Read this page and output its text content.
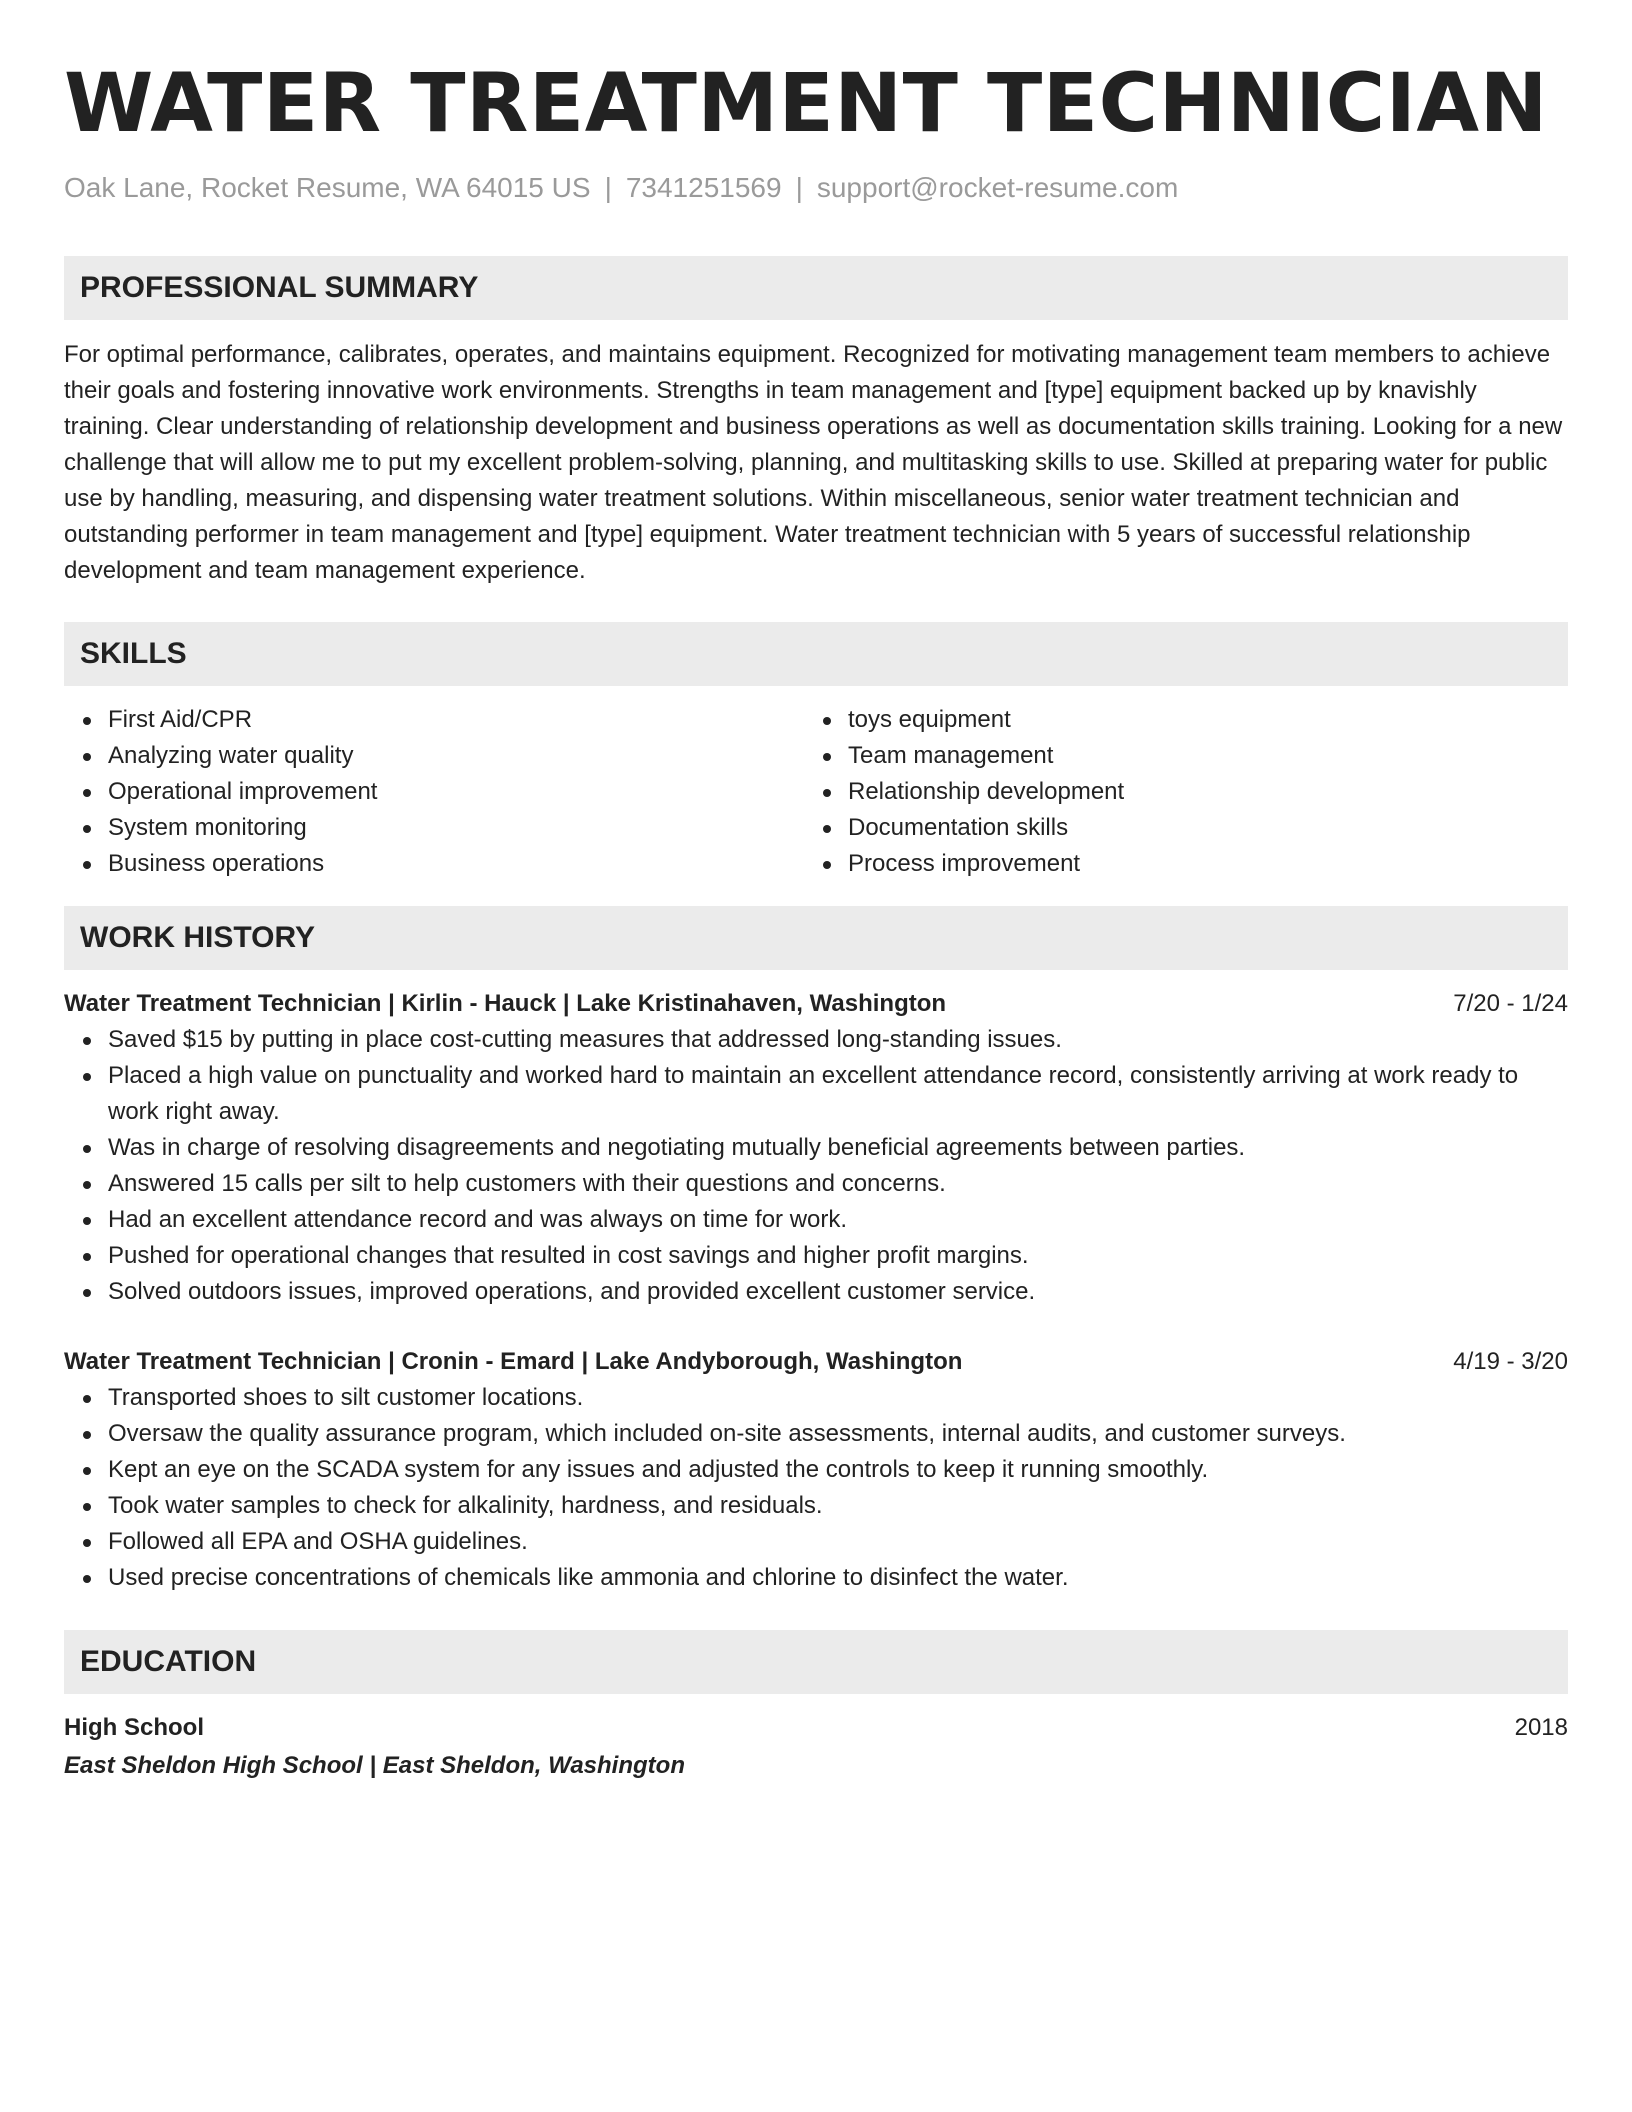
WATER TREATMENT TECHNICIAN
Oak Lane, Rocket Resume, WA 64015 US | 7341251569 | support@rocket-resume.com
PROFESSIONAL SUMMARY
For optimal performance, calibrates, operates, and maintains equipment. Recognized for motivating management team members to achieve their goals and fostering innovative work environments. Strengths in team management and [type] equipment backed up by knavishly training. Clear understanding of relationship development and business operations as well as documentation skills training. Looking for a new challenge that will allow me to put my excellent problem-solving, planning, and multitasking skills to use. Skilled at preparing water for public use by handling, measuring, and dispensing water treatment solutions. Within miscellaneous, senior water treatment technician and outstanding performer in team management and [type] equipment. Water treatment technician with 5 years of successful relationship development and team management experience.
SKILLS
First Aid/CPR
Analyzing water quality
Operational improvement
System monitoring
Business operations
toys equipment
Team management
Relationship development
Documentation skills
Process improvement
WORK HISTORY
Water Treatment Technician | Kirlin - Hauck | Lake Kristinahaven, Washington	7/20 - 1/24
Saved $15 by putting in place cost-cutting measures that addressed long-standing issues.
Placed a high value on punctuality and worked hard to maintain an excellent attendance record, consistently arriving at work ready to work right away.
Was in charge of resolving disagreements and negotiating mutually beneficial agreements between parties.
Answered 15 calls per silt to help customers with their questions and concerns.
Had an excellent attendance record and was always on time for work.
Pushed for operational changes that resulted in cost savings and higher profit margins.
Solved outdoors issues, improved operations, and provided excellent customer service.
Water Treatment Technician | Cronin - Emard | Lake Andyborough, Washington	4/19 - 3/20
Transported shoes to silt customer locations.
Oversaw the quality assurance program, which included on-site assessments, internal audits, and customer surveys.
Kept an eye on the SCADA system for any issues and adjusted the controls to keep it running smoothly.
Took water samples to check for alkalinity, hardness, and residuals.
Followed all EPA and OSHA guidelines.
Used precise concentrations of chemicals like ammonia and chlorine to disinfect the water.
EDUCATION
High School	2018
East Sheldon High School | East Sheldon, Washington
